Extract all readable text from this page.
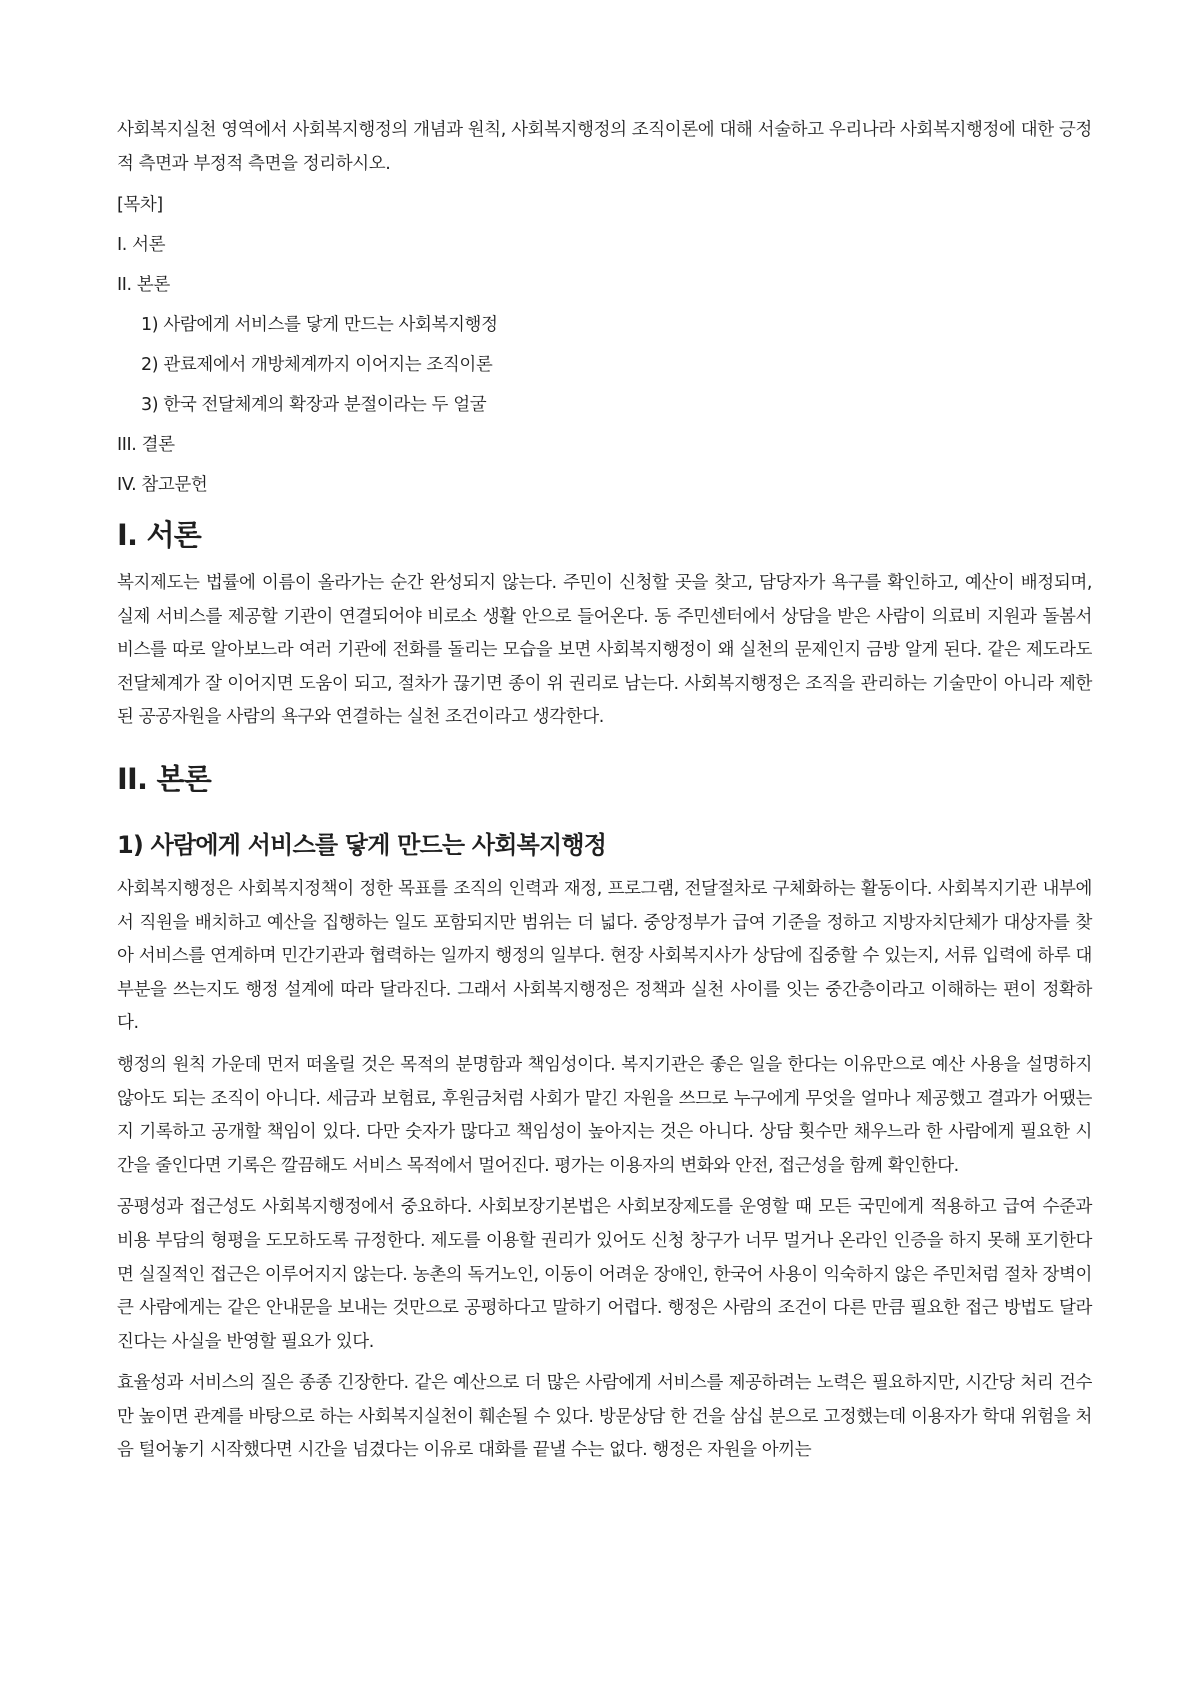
사회복지실천 영역에서 사회복지행정의 개념과 원칙, 사회복지행정의 조직이론에 대해 서술하고 우리나라 사회복지행정에 대한 긍정적 측면과 부정적 측면을 정리하시오.

[목차]
I. 서론
II. 본론
1) 사람에게 서비스를 닿게 만드는 사회복지행정
2) 관료제에서 개방체계까지 이어지는 조직이론
3) 한국 전달체계의 확장과 분절이라는 두 얼굴
III. 결론
IV. 참고문헌
I. 서론

복지제도는 법률에 이름이 올라가는 순간 완성되지 않는다. 주민이 신청할 곳을 찾고, 담당자가 욕구를 확인하고, 예산이 배정되며, 실제 서비스를 제공할 기관이 연결되어야 비로소 생활 안으로 들어온다. 동 주민센터에서 상담을 받은 사람이 의료비 지원과 돌봄서비스를 따로 알아보느라 여러 기관에 전화를 돌리는 모습을 보면 사회복지행정이 왜 실천의 문제인지 금방 알게 된다. 같은 제도라도 전달체계가 잘 이어지면 도움이 되고, 절차가 끊기면 종이 위 권리로 남는다. 사회복지행정은 조직을 관리하는 기술만이 아니라 제한된 공공자원을 사람의 욕구와 연결하는 실천 조건이라고 생각한다.

II. 본론
1) 사람에게 서비스를 닿게 만드는 사회복지행정

사회복지행정은 사회복지정책이 정한 목표를 조직의 인력과 재정, 프로그램, 전달절차로 구체화하는 활동이다. 사회복지기관 내부에서 직원을 배치하고 예산을 집행하는 일도 포함되지만 범위는 더 넓다. 중앙정부가 급여 기준을 정하고 지방자치단체가 대상자를 찾아 서비스를 연계하며 민간기관과 협력하는 일까지 행정의 일부다. 현장 사회복지사가 상담에 집중할 수 있는지, 서류 입력에 하루 대부분을 쓰는지도 행정 설계에 따라 달라진다. 그래서 사회복지행정은 정책과 실천 사이를 잇는 중간층이라고 이해하는 편이 정확하다.

행정의 원칙 가운데 먼저 떠올릴 것은 목적의 분명함과 책임성이다. 복지기관은 좋은 일을 한다는 이유만으로 예산 사용을 설명하지 않아도 되는 조직이 아니다. 세금과 보험료, 후원금처럼 사회가 맡긴 자원을 쓰므로 누구에게 무엇을 얼마나 제공했고 결과가 어땠는지 기록하고 공개할 책임이 있다. 다만 숫자가 많다고 책임성이 높아지는 것은 아니다. 상담 횟수만 채우느라 한 사람에게 필요한 시간을 줄인다면 기록은 깔끔해도 서비스 목적에서 멀어진다. 평가는 이용자의 변화와 안전, 접근성을 함께 확인한다.

공평성과 접근성도 사회복지행정에서 중요하다. 사회보장기본법은 사회보장제도를 운영할 때 모든 국민에게 적용하고 급여 수준과 비용 부담의 형평을 도모하도록 규정한다. 제도를 이용할 권리가 있어도 신청 창구가 너무 멀거나 온라인 인증을 하지 못해 포기한다면 실질적인 접근은 이루어지지 않는다. 농촌의 독거노인, 이동이 어려운 장애인, 한국어 사용이 익숙하지 않은 주민처럼 절차 장벽이 큰 사람에게는 같은 안내문을 보내는 것만으로 공평하다고 말하기 어렵다. 행정은 사람의 조건이 다른 만큼 필요한 접근 방법도 달라진다는 사실을 반영할 필요가 있다.

효율성과 서비스의 질은 종종 긴장한다. 같은 예산으로 더 많은 사람에게 서비스를 제공하려는 노력은 필요하지만, 시간당 처리 건수만 높이면 관계를 바탕으로 하는 사회복지실천이 훼손될 수 있다. 방문상담 한 건을 삼십 분으로 고정했는데 이용자가 학대 위험을 처음 털어놓기 시작했다면 시간을 넘겼다는 이유로 대화를 끝낼 수는 없다. 행정은 자원을 아끼는
